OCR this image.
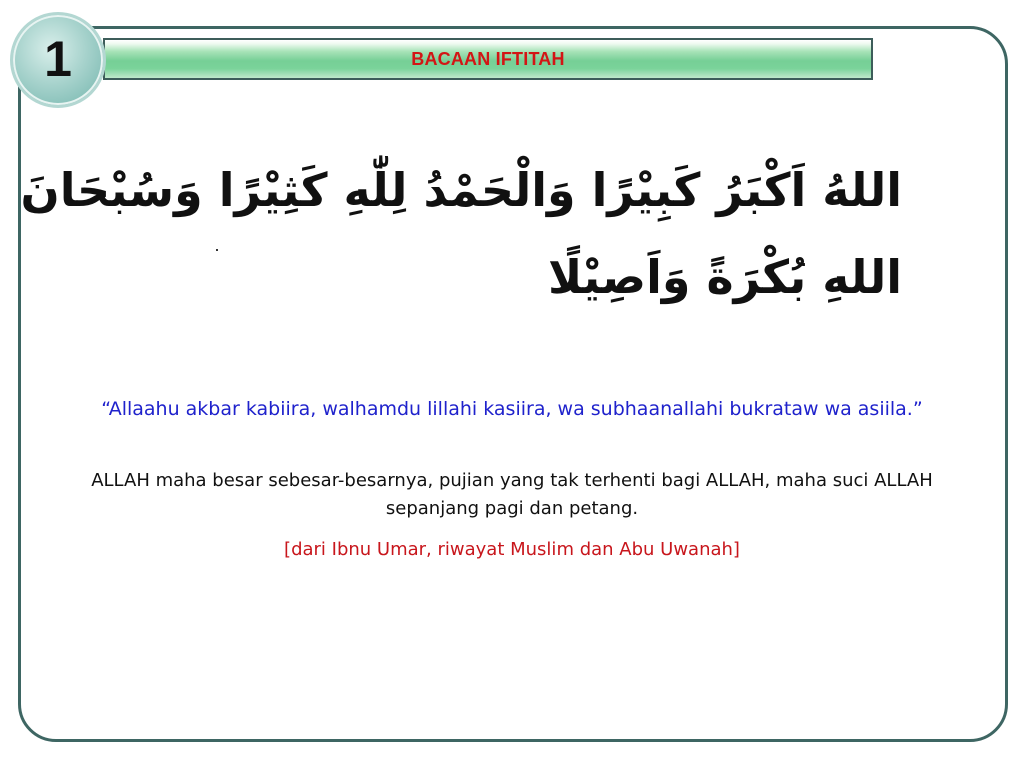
BACAAN IFTITAH
1
اللهُ اَكْبَرُ كَبِيْرًا وَالْحَمْدُ لِلّٰهِ كَثِيْرًا وَسُبْحَانَ
اللهِ بُكْرَةً وَاَصِيْلًا
“Allaahu akbar kabiira, walhamdu lillahi kasiira, wa subhaanallahi bukrataw wa asiila.”
ALLAH maha besar sebesar-besarnya, pujian yang tak terhenti bagi ALLAH, maha suci ALLAH sepanjang pagi dan petang.
[dari Ibnu Umar, riwayat Muslim dan Abu Uwanah]
